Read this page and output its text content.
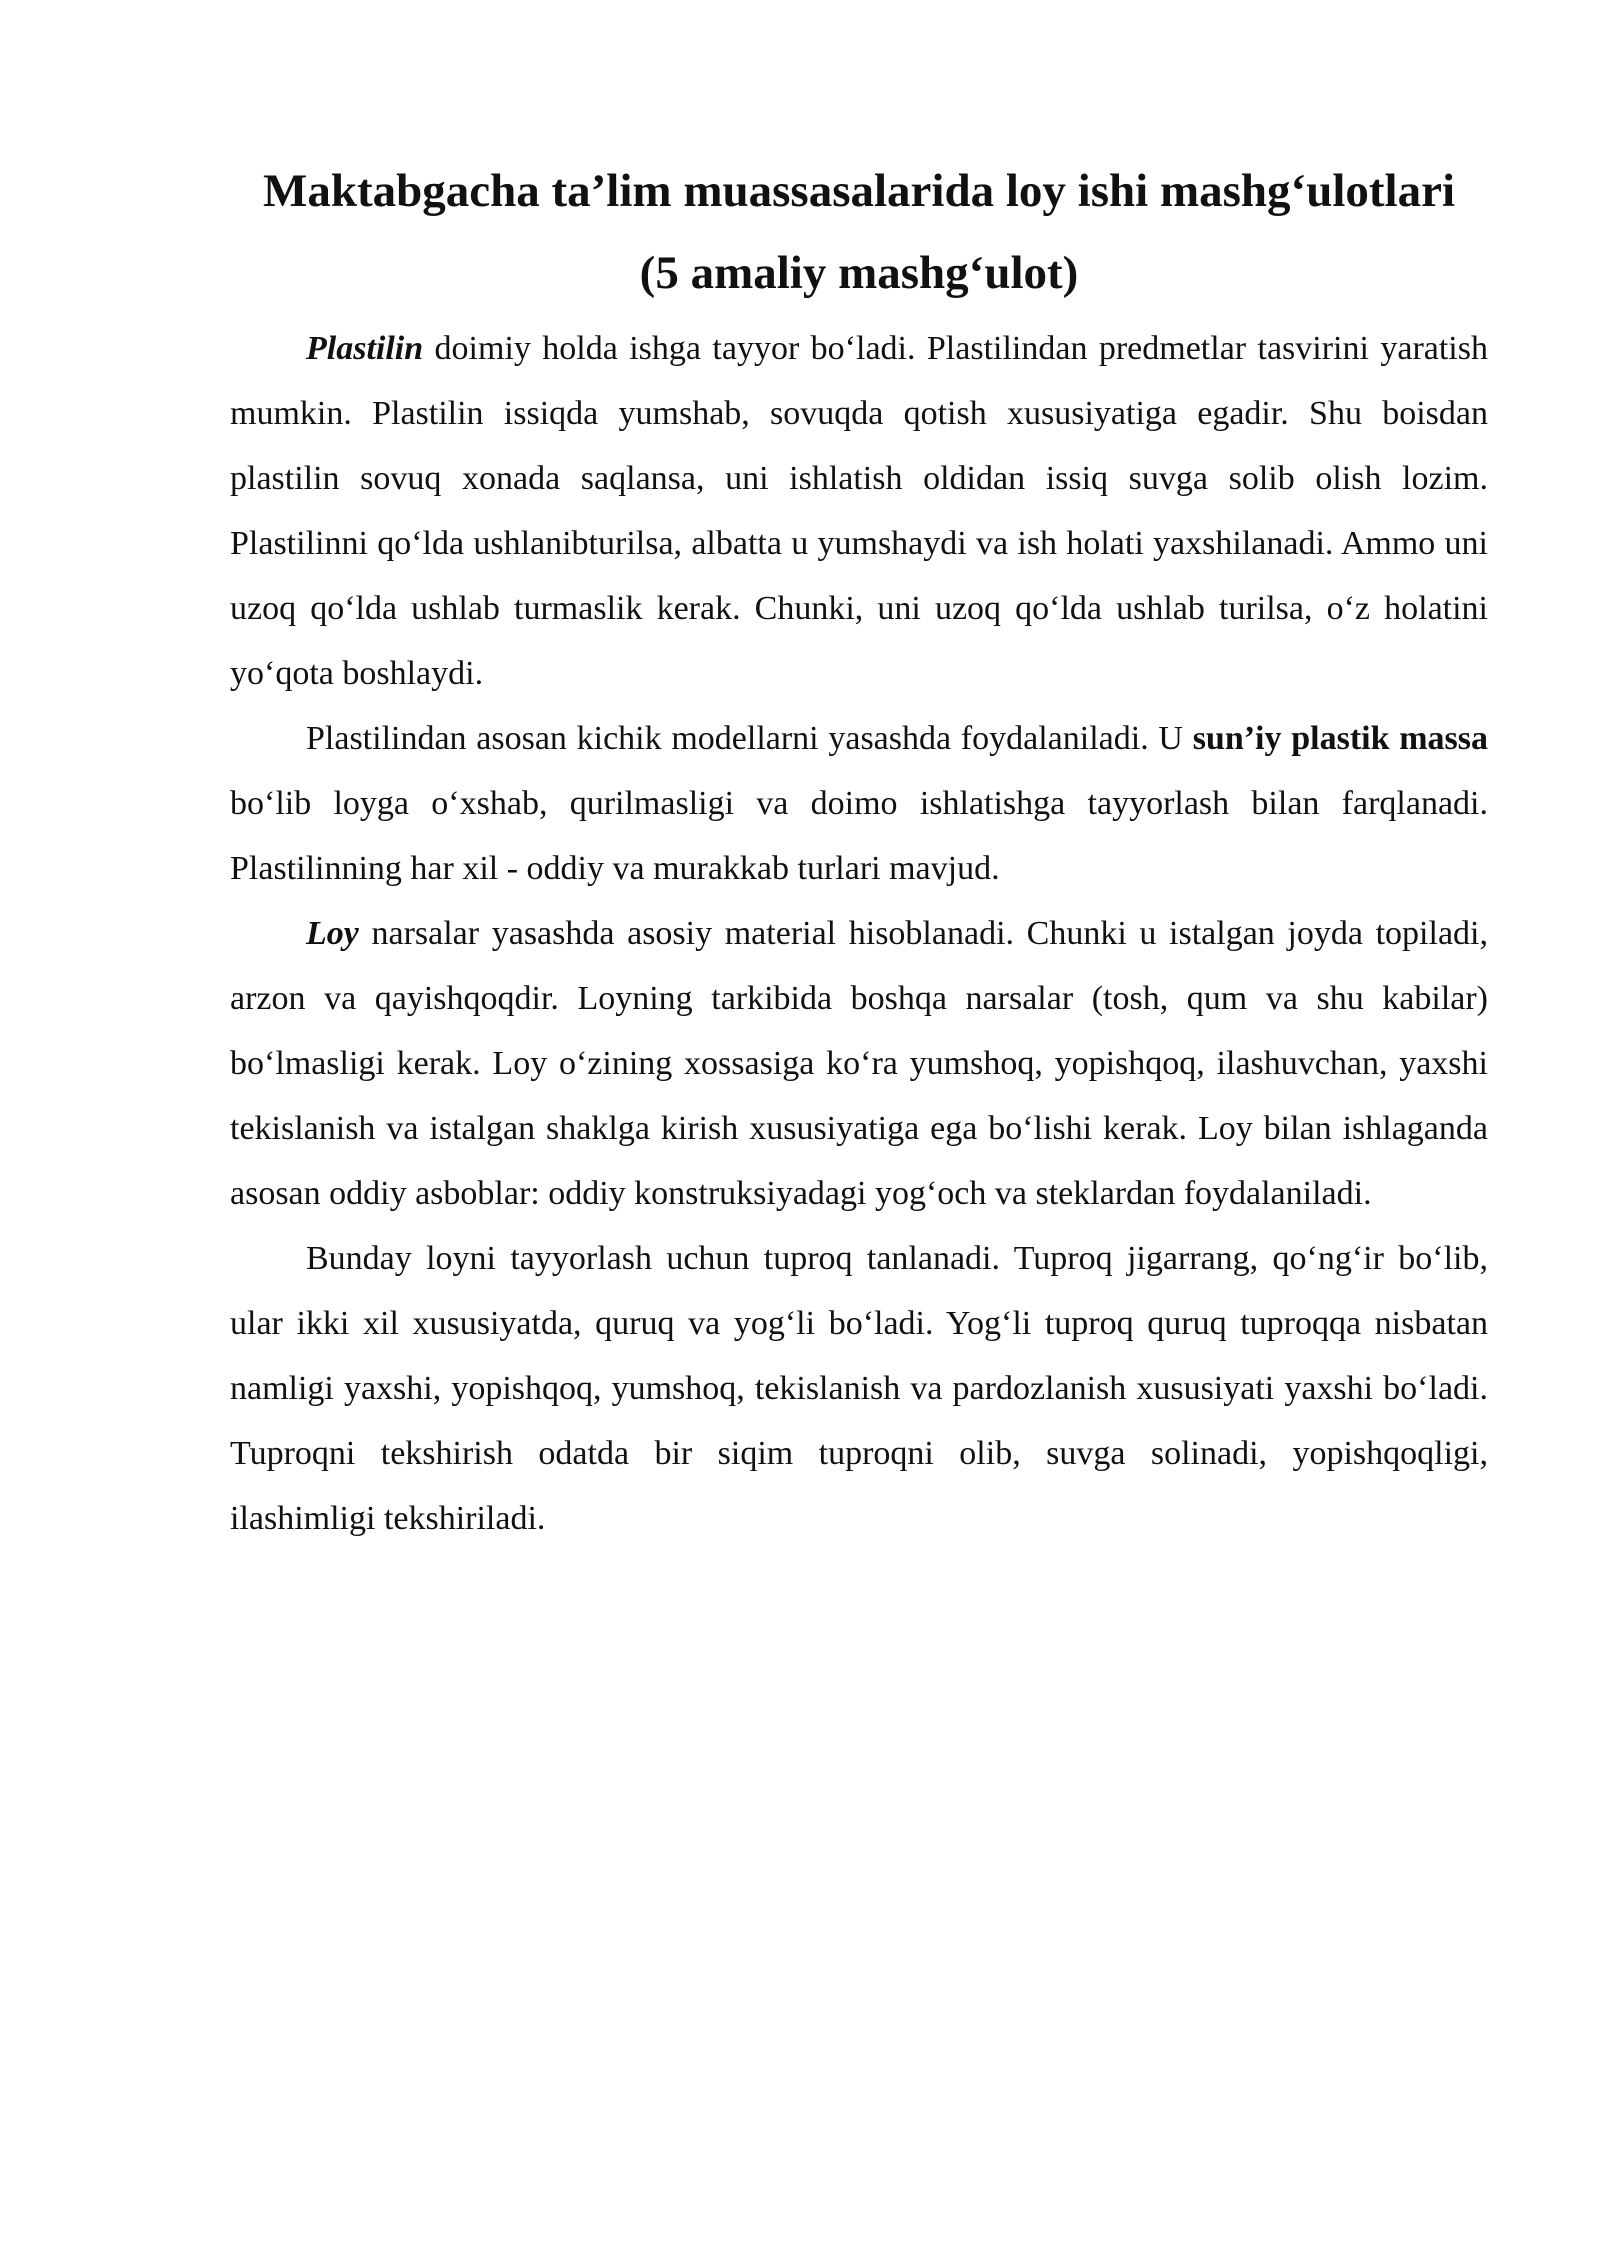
Maktabgacha ta’lim muassasalarida loy ishi mashg‘ulotlari
(5 amaliy mashg‘ulot)

Plastilin doimiy holda ishga tayyor bo‘ladi. Plastilindan predmetlar tasvirini yaratish mumkin. Plastilin issiqda yumshab, sovuqda qotish xususiyatiga egadir. Shu boisdan plastilin sovuq xonada saqlansa, uni ishlatish oldidan issiq suvga solib olish lozim. Plastilinni qo‘lda ushlanibturilsa, albatta u yumshaydi va ish holati yaxshilanadi. Ammo uni uzoq qo‘lda ushlab turmaslik kerak. Chunki, uni uzoq qo‘lda ushlab turilsa, o‘z holatini yo‘qota boshlaydi.

Plastilindan asosan kichik modellarni yasashda foydalaniladi. U sun’iy plastik massa bo‘lib loyga o‘xshab, qurilmasligi va doimo ishlatishga tayyorlash bilan farqlanadi. Plastilinning har xil - oddiy va murakkab turlari mavjud.

Loy narsalar yasashda asosiy material hisoblanadi. Chunki u istalgan joyda topiladi, arzon va qayishqoqdir. Loyning tarkibida boshqa narsalar (tosh, qum va shu kabilar) bo‘lmasligi kerak. Loy o‘zining xossasiga ko‘ra yumshoq, yopishqoq, ilashuvchan, yaxshi tekislanish va istalgan shaklga kirish xususiyatiga ega bo‘lishi kerak. Loy bilan ishlaganda asosan oddiy asboblar: oddiy konstruksiyadagi yog‘och va steklardan foydalaniladi.

Bunday loyni tayyorlash uchun tuproq tanlanadi. Tuproq jigarrang, qo‘ng‘ir bo‘lib, ular ikki xil xususiyatda, quruq va yog‘li bo‘ladi. Yog‘li tuproq quruq tuproqqa nisbatan namligi yaxshi, yopishqoq, yumshoq, tekislanish va pardozlanish xususiyati yaxshi bo‘ladi. Tuproqni tekshirish odatda bir siqim tuproqni olib, suvga solinadi, yopishqoqligi, ilashimligi tekshiriladi.
